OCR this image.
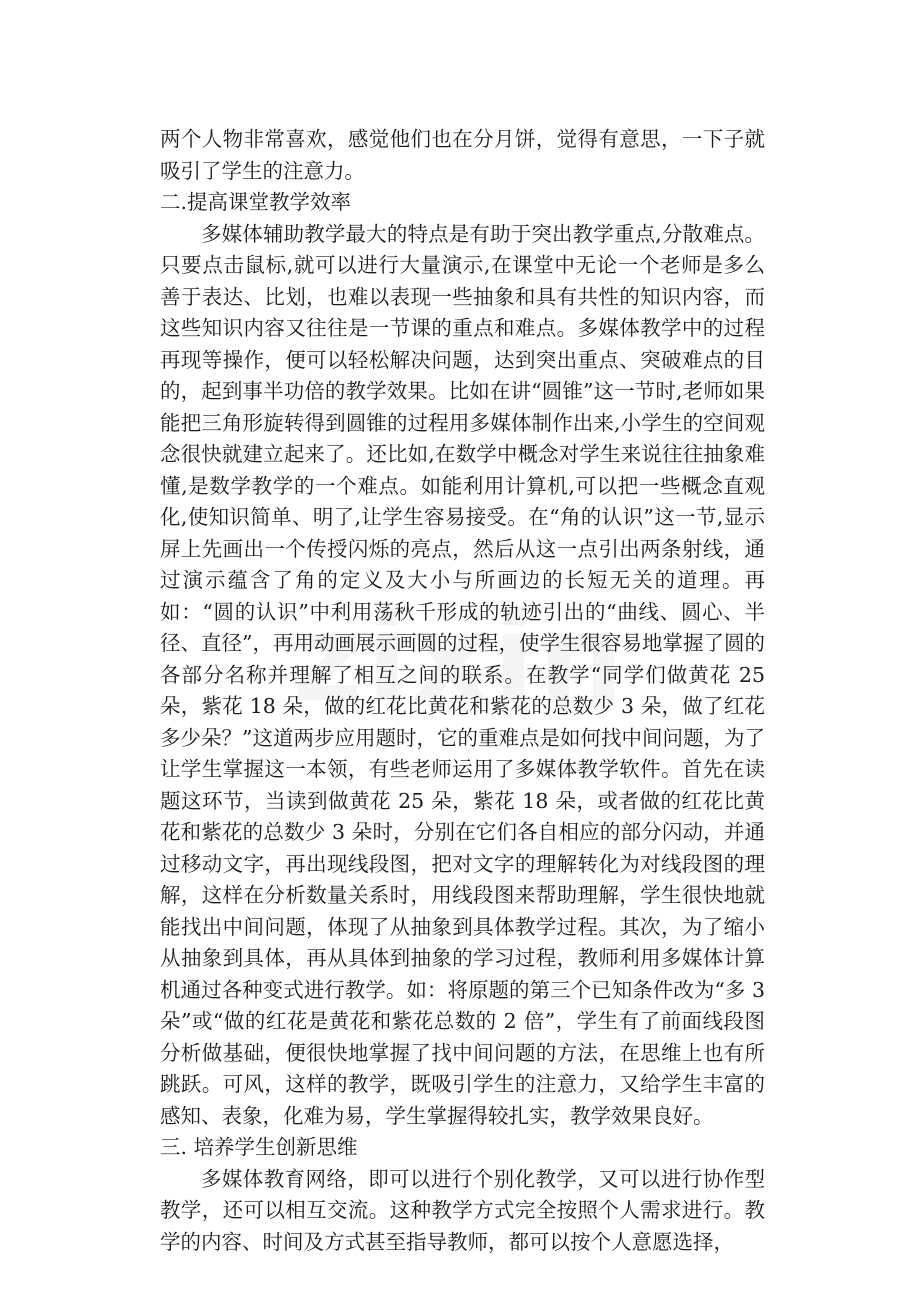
两个人物非常喜欢，感觉他们也在分月饼，觉得有意思，一下子就吸引了学生的注意力。

二.提高课堂教学效率

多媒体辅助教学最大的特点是有助于突出教学重点,分散难点。只要点击鼠标,就可以进行大量演示,在课堂中无论一个老师是多么善于表达、比划，也难以表现一些抽象和具有共性的知识内容，而这些知识内容又往往是一节课的重点和难点。多媒体教学中的过程再现等操作，便可以轻松解决问题，达到突出重点、突破难点的目的，起到事半功倍的教学效果。比如在讲“圆锥”这一节时,老师如果能把三角形旋转得到圆锥的过程用多媒体制作出来,小学生的空间观念很快就建立起来了。还比如,在数学中概念对学生来说往往抽象难懂,是数学教学的一个难点。如能利用计算机,可以把一些概念直观化,使知识简单、明了,让学生容易接受。在“角的认识”这一节,显示屏上先画出一个传授闪烁的亮点，然后从这一点引出两条射线，通过演示蕴含了角的定义及大小与所画边的长短无关的道理。再如：“圆的认识”中利用荡秋千形成的轨迹引出的“曲线、圆心、半径、直径”，再用动画展示画圆的过程，使学生很容易地掌握了圆的各部分名称并理解了相互之间的联系。在教学“同学们做黄花 25 朵，紫花 18 朵，做的红花比黄花和紫花的总数少 3 朵，做了红花多少朵？”这道两步应用题时，它的重难点是如何找中间问题，为了让学生掌握这一本领，有些老师运用了多媒体教学软件。首先在读题这环节，当读到做黄花 25 朵，紫花 18 朵，或者做的红花比黄花和紫花的总数少 3 朵时，分别在它们各自相应的部分闪动，并通过移动文字，再出现线段图，把对文字的理解转化为对线段图的理解，这样在分析数量关系时，用线段图来帮助理解，学生很快地就能找出中间问题，体现了从抽象到具体教学过程。其次，为了缩小从抽象到具体，再从具体到抽象的学习过程，教师利用多媒体计算机通过各种变式进行教学。如：将原题的第三个已知条件改为“多 3 朵”或“做的红花是黄花和紫花总数的 2 倍”，学生有了前面线段图分析做基础，便很快地掌握了找中间问题的方法，在思维上也有所跳跃。可风，这样的教学，既吸引学生的注意力，又给学生丰富的感知、表象，化难为易，学生掌握得较扎实，教学效果良好。

三. 培养学生创新思维

多媒体教育网络，即可以进行个别化教学，又可以进行协作型教学，还可以相互交流。这种教学方式完全按照个人需求进行。教学的内容、时间及方式甚至指导教师，都可以按个人意愿选择，
